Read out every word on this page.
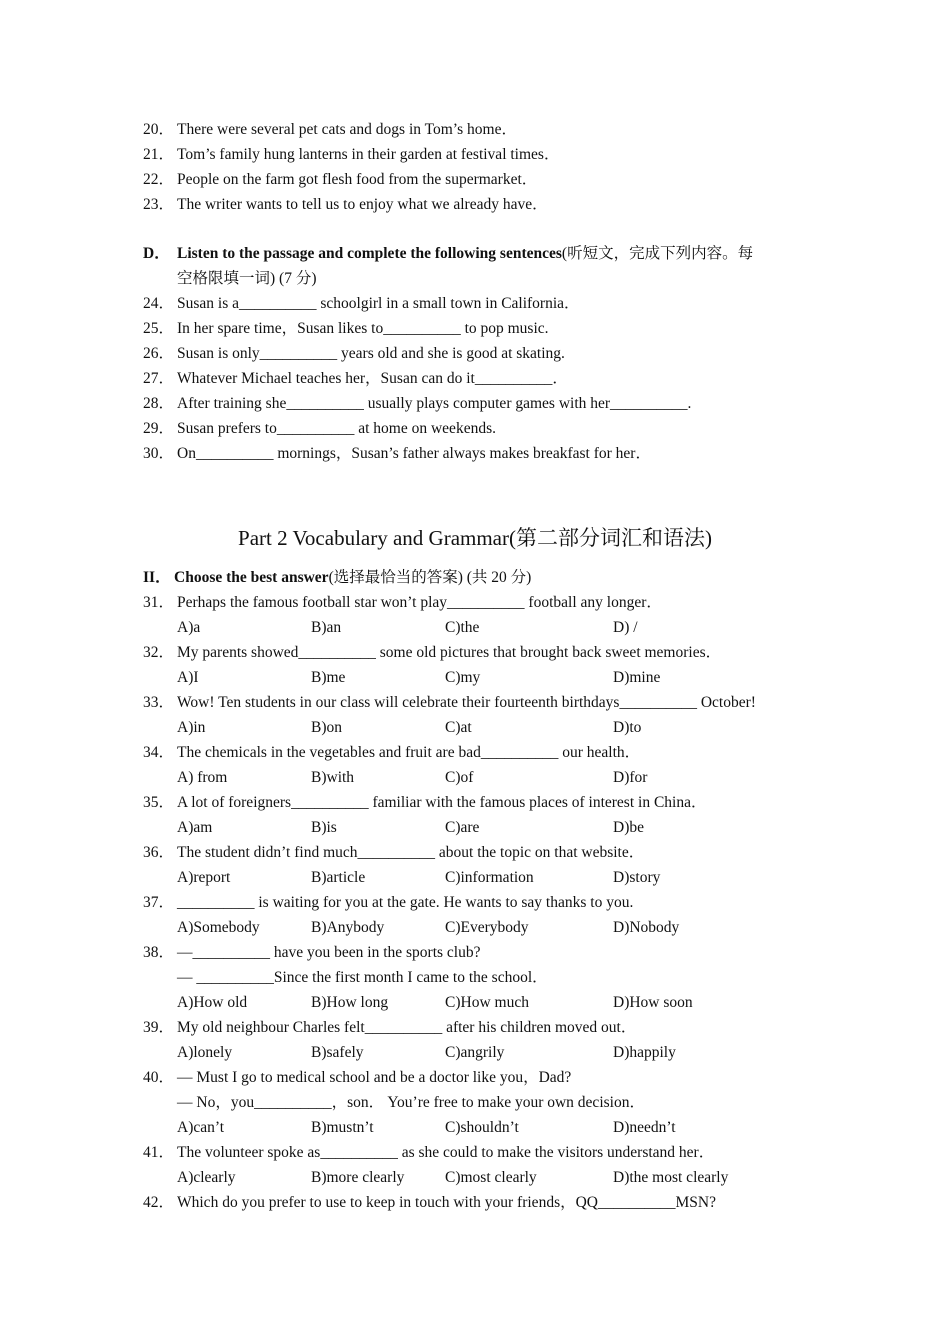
20． There were several pet cats and dogs in Tom’s home．
21． Tom’s family hung lanterns in their garden at festival times．
22． People on the farm got flesh food from the supermarket．
23． The writer wants to tell us to enjoy what we already have．
D． Listen to the passage and complete the following sentences(听短文，完成下列内容。每
空格限填一词) (7 分)
24． Susan is a__________ schoolgirl in a small town in California．
25． In her spare time，Susan likes to__________ to pop music.
26． Susan is only__________ years old and she is good at skating.
27． Whatever Michael teaches her，Susan can do it__________．
28． After training she__________ usually plays computer games with her__________.
29． Susan prefers to__________ at home on weekends.
30． On__________ mornings，Susan’s father always makes breakfast for her．
Part 2 Vocabulary and Grammar(第二部分词汇和语法)
II． Choose the best answer(选择最恰当的答案) (共 20 分)
31． Perhaps the famous football star won’t play__________ football any longer．
A)a	B)an	C)the	D) /
32． My parents showed__________ some old pictures that brought back sweet memories．
A)I	B)me	C)my	D)mine
33． Wow! Ten students in our class will celebrate their fourteenth birthdays__________ October!
A)in	B)on	C)at	D)to
34． The chemicals in the vegetables and fruit are bad__________ our health．
A) from	B)with	C)of	D)for
35． A lot of foreigners__________ familiar with the famous places of interest in China．
A)am	B)is	C)are	D)be
36． The student didn’t find much__________ about the topic on that website．
A)report	B)article	C)information	D)story
37． __________ is waiting for you at the gate. He wants to say thanks to you.
A)Somebody	B)Anybody	C)Everybody	D)Nobody
38． —__________ have you been in the sports club?
— __________Since the first month I came to the school．
A)How old	B)How long	C)How much	D)How soon
39． My old neighbour Charles felt__________ after his children moved out．
A)lonely	B)safely	C)angrily	D)happily
40． — Must I go to medical school and be a doctor like you，Dad?
— No，you__________，son． You’re free to make your own decision．
A)can’t	B)mustn’t	C)shouldn’t	D)needn’t
41． The volunteer spoke as__________ as she could to make the visitors understand her．
A)clearly	B)more clearly	C)most clearly	D)the most clearly
42． Which do you prefer to use to keep in touch with your friends，QQ__________MSN?
